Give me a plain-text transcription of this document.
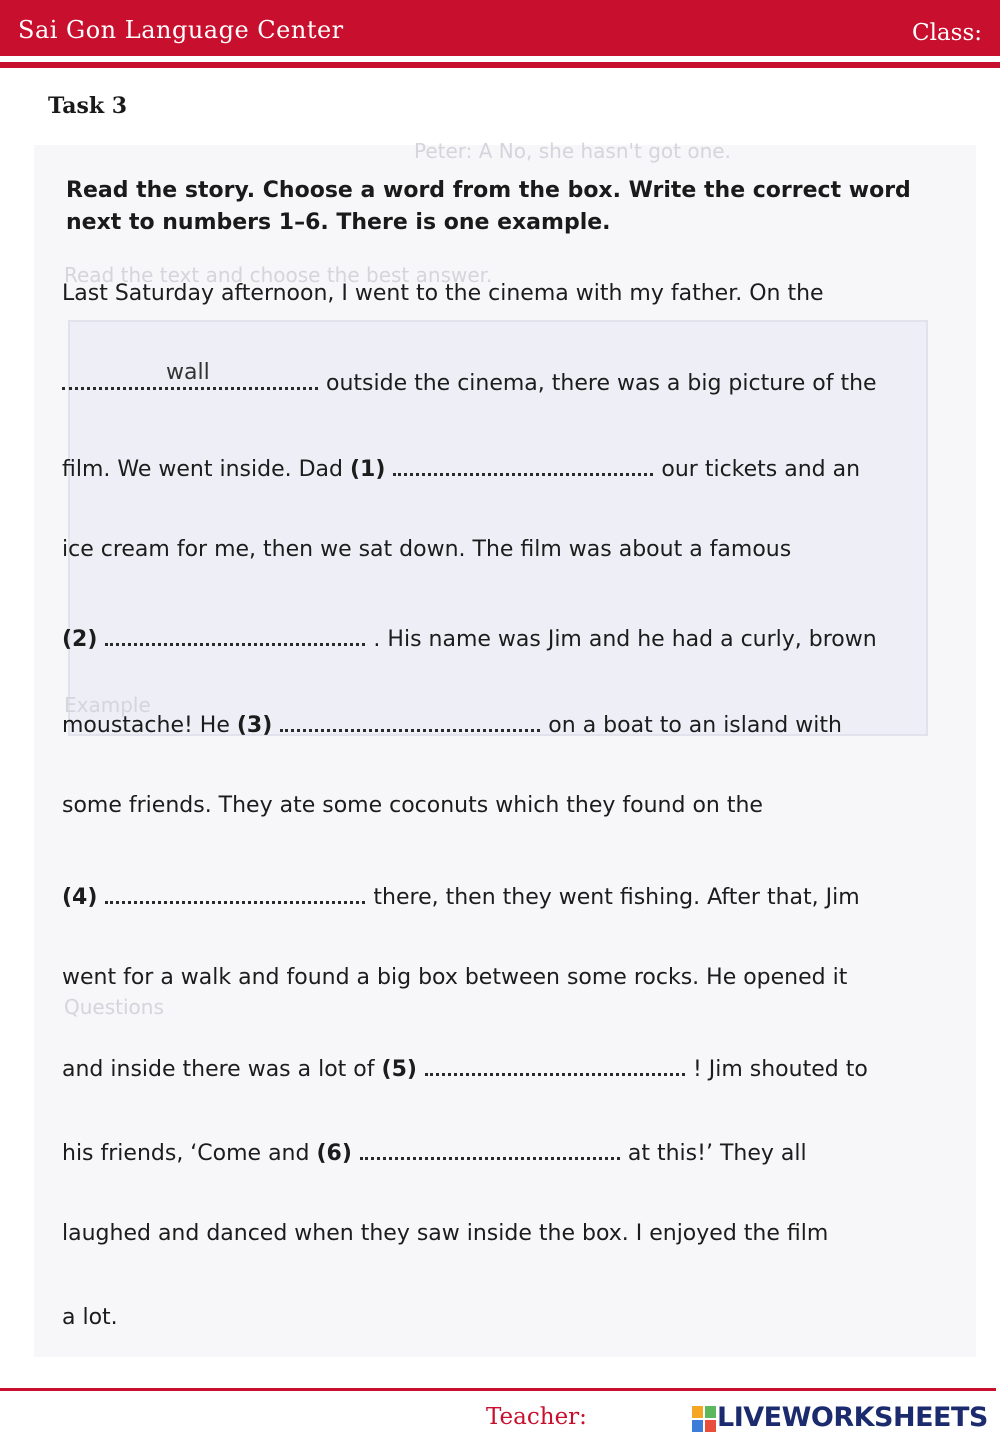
Sai Gon Language Center	Class:
Task 3
Peter: A No, she hasn't got one.
Read the text and choose the best answer.
Example
Questions
Read the story. Choose a word from the box. Write the correct word next to numbers 1–6. There is one example.
Last Saturday afternoon, I went to the cinema with my father. On the
wall	outside the cinema, there was a big picture of the
film. We went inside. Dad (1)	our tickets and an
ice cream for me, then we sat down. The film was about a famous
(2)	. His name was Jim and he had a curly, brown
moustache! He (3)	on a boat to an island with
some friends. They ate some coconuts which they found on the
(4)	there, then they went fishing. After that, Jim
went for a walk and found a big box between some rocks. He opened it
and inside there was a lot of (5)	! Jim shouted to
his friends, ‘Come and (6)	at this!’ They all
laughed and danced when they saw inside the box. I enjoyed the film
a lot.
Teacher:	LIVEWORKSHEETS
